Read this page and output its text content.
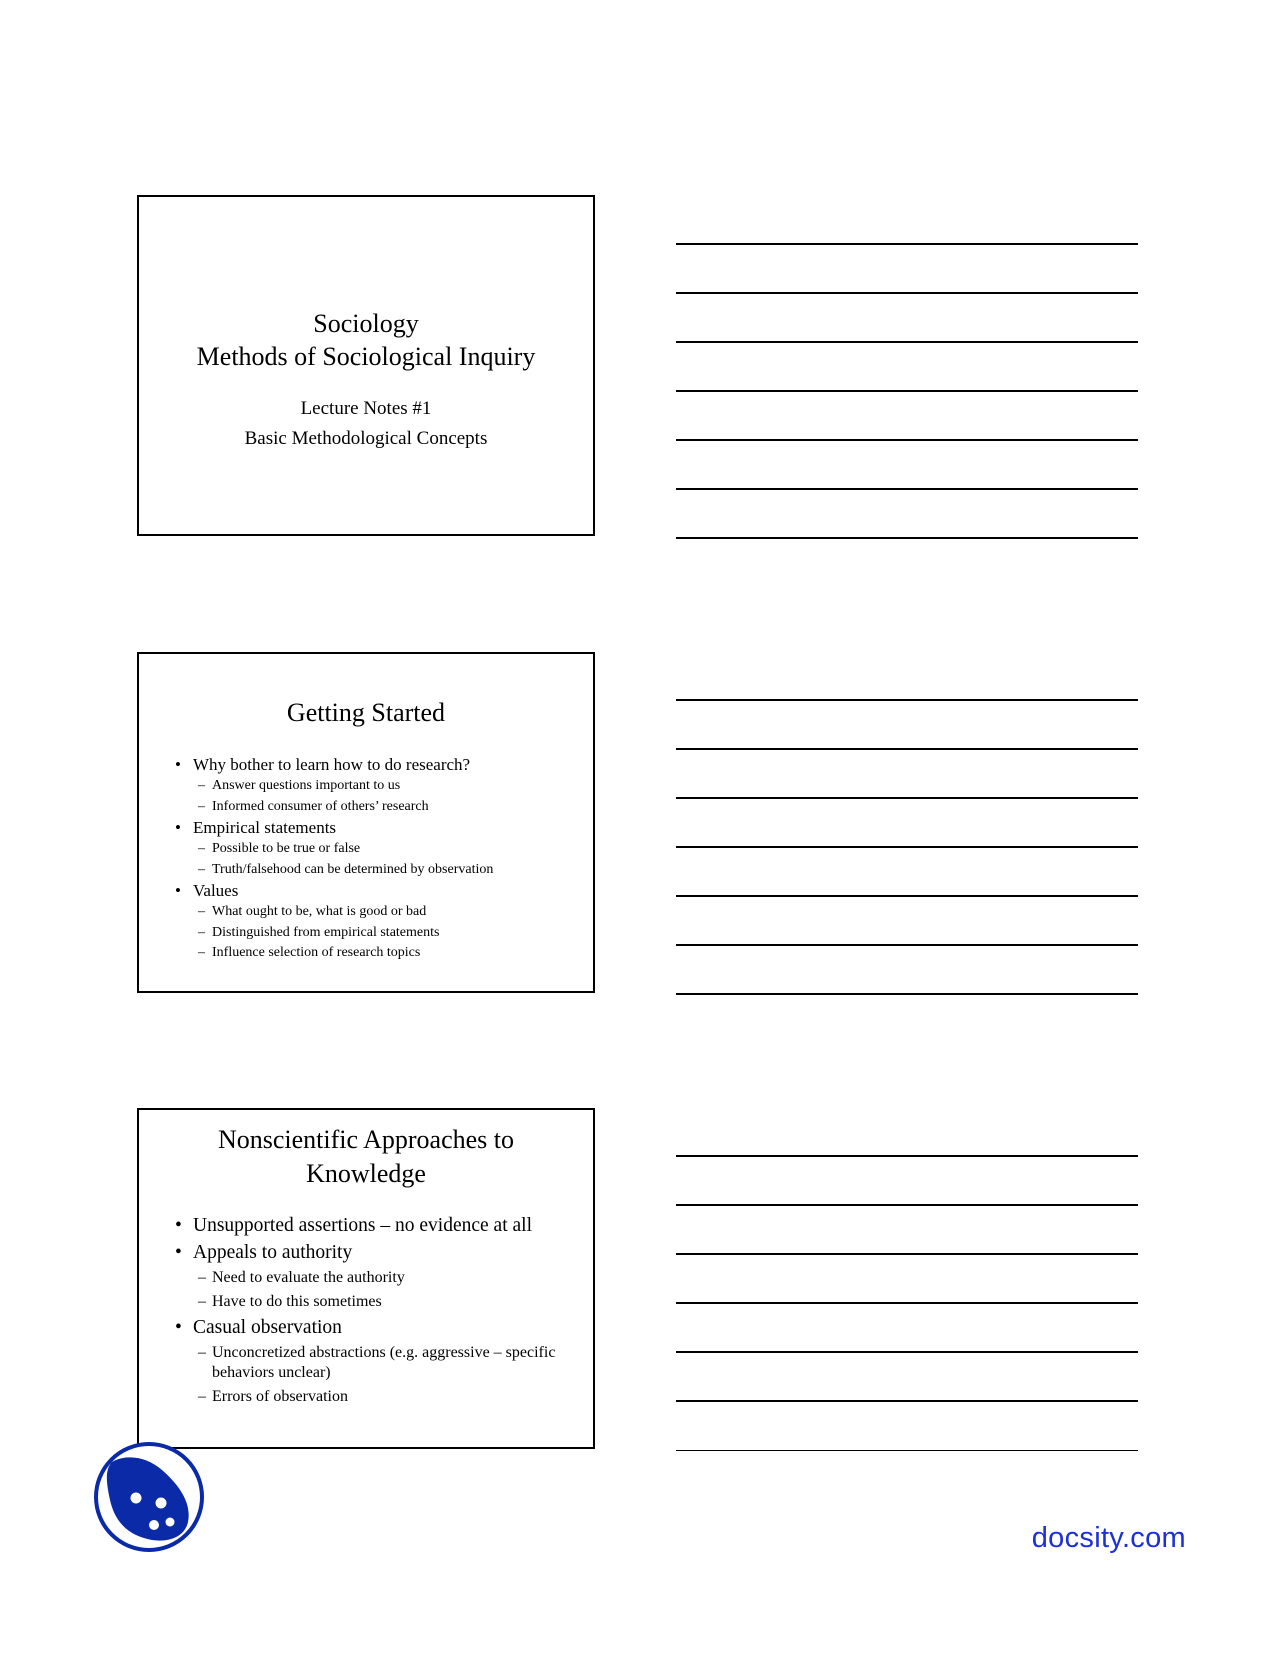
Sociology
Methods of Sociological Inquiry
Lecture Notes #1
Basic Methodological Concepts
Getting Started
• Why bother to learn how to do research?
– Answer questions important to us
– Informed consumer of others’ research
• Empirical statements
– Possible to be true or false
– Truth/falsehood can be determined by observation
• Values
– What ought to be, what is good or bad
– Distinguished from empirical statements
– Influence selection of research topics
Nonscientific Approaches to
Knowledge
• Unsupported assertions – no evidence at all
• Appeals to authority
– Need to evaluate the authority
– Have to do this sometimes
• Casual observation
– Unconcretized abstractions (e.g. aggressive – specific behaviors unclear)
– Errors of observation
docsity.com
